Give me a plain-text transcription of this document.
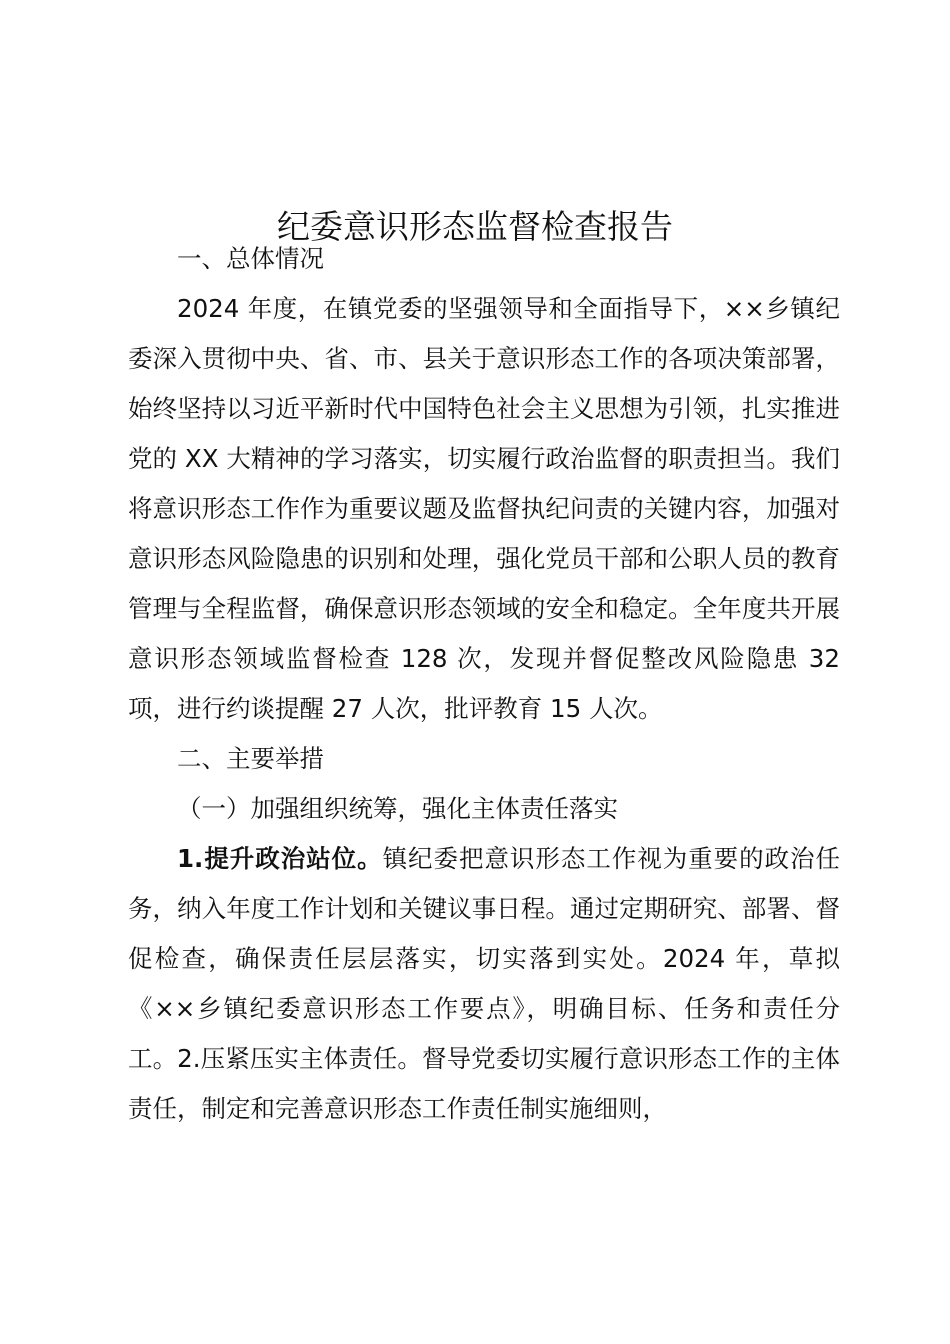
纪委意识形态监督检查报告

一、总体情况

2024 年度，在镇党委的坚强领导和全面指导下，××乡镇纪委深入贯彻中央、省、市、县关于意识形态工作的各项决策部署，始终坚持以习近平新时代中国特色社会主义思想为引领，扎实推进党的 XX 大精神的学习落实，切实履行政治监督的职责担当。我们将意识形态工作作为重要议题及监督执纪问责的关键内容，加强对意识形态风险隐患的识别和处理，强化党员干部和公职人员的教育管理与全程监督，确保意识形态领域的安全和稳定。全年度共开展意识形态领域监督检查 128 次，发现并督促整改风险隐患 32 项，进行约谈提醒 27 人次，批评教育 15 人次。

二、主要举措

（一）加强组织统筹，强化主体责任落实

1.提升政治站位。镇纪委把意识形态工作视为重要的政治任务，纳入年度工作计划和关键议事日程。通过定期研究、部署、督促检查，确保责任层层落实，切实落到实处。2024 年，草拟《××乡镇纪委意识形态工作要点》，明确目标、任务和责任分工。2.压紧压实主体责任。督导党委切实履行意识形态工作的主体责任，制定和完善意识形态工作责任制实施细则，
